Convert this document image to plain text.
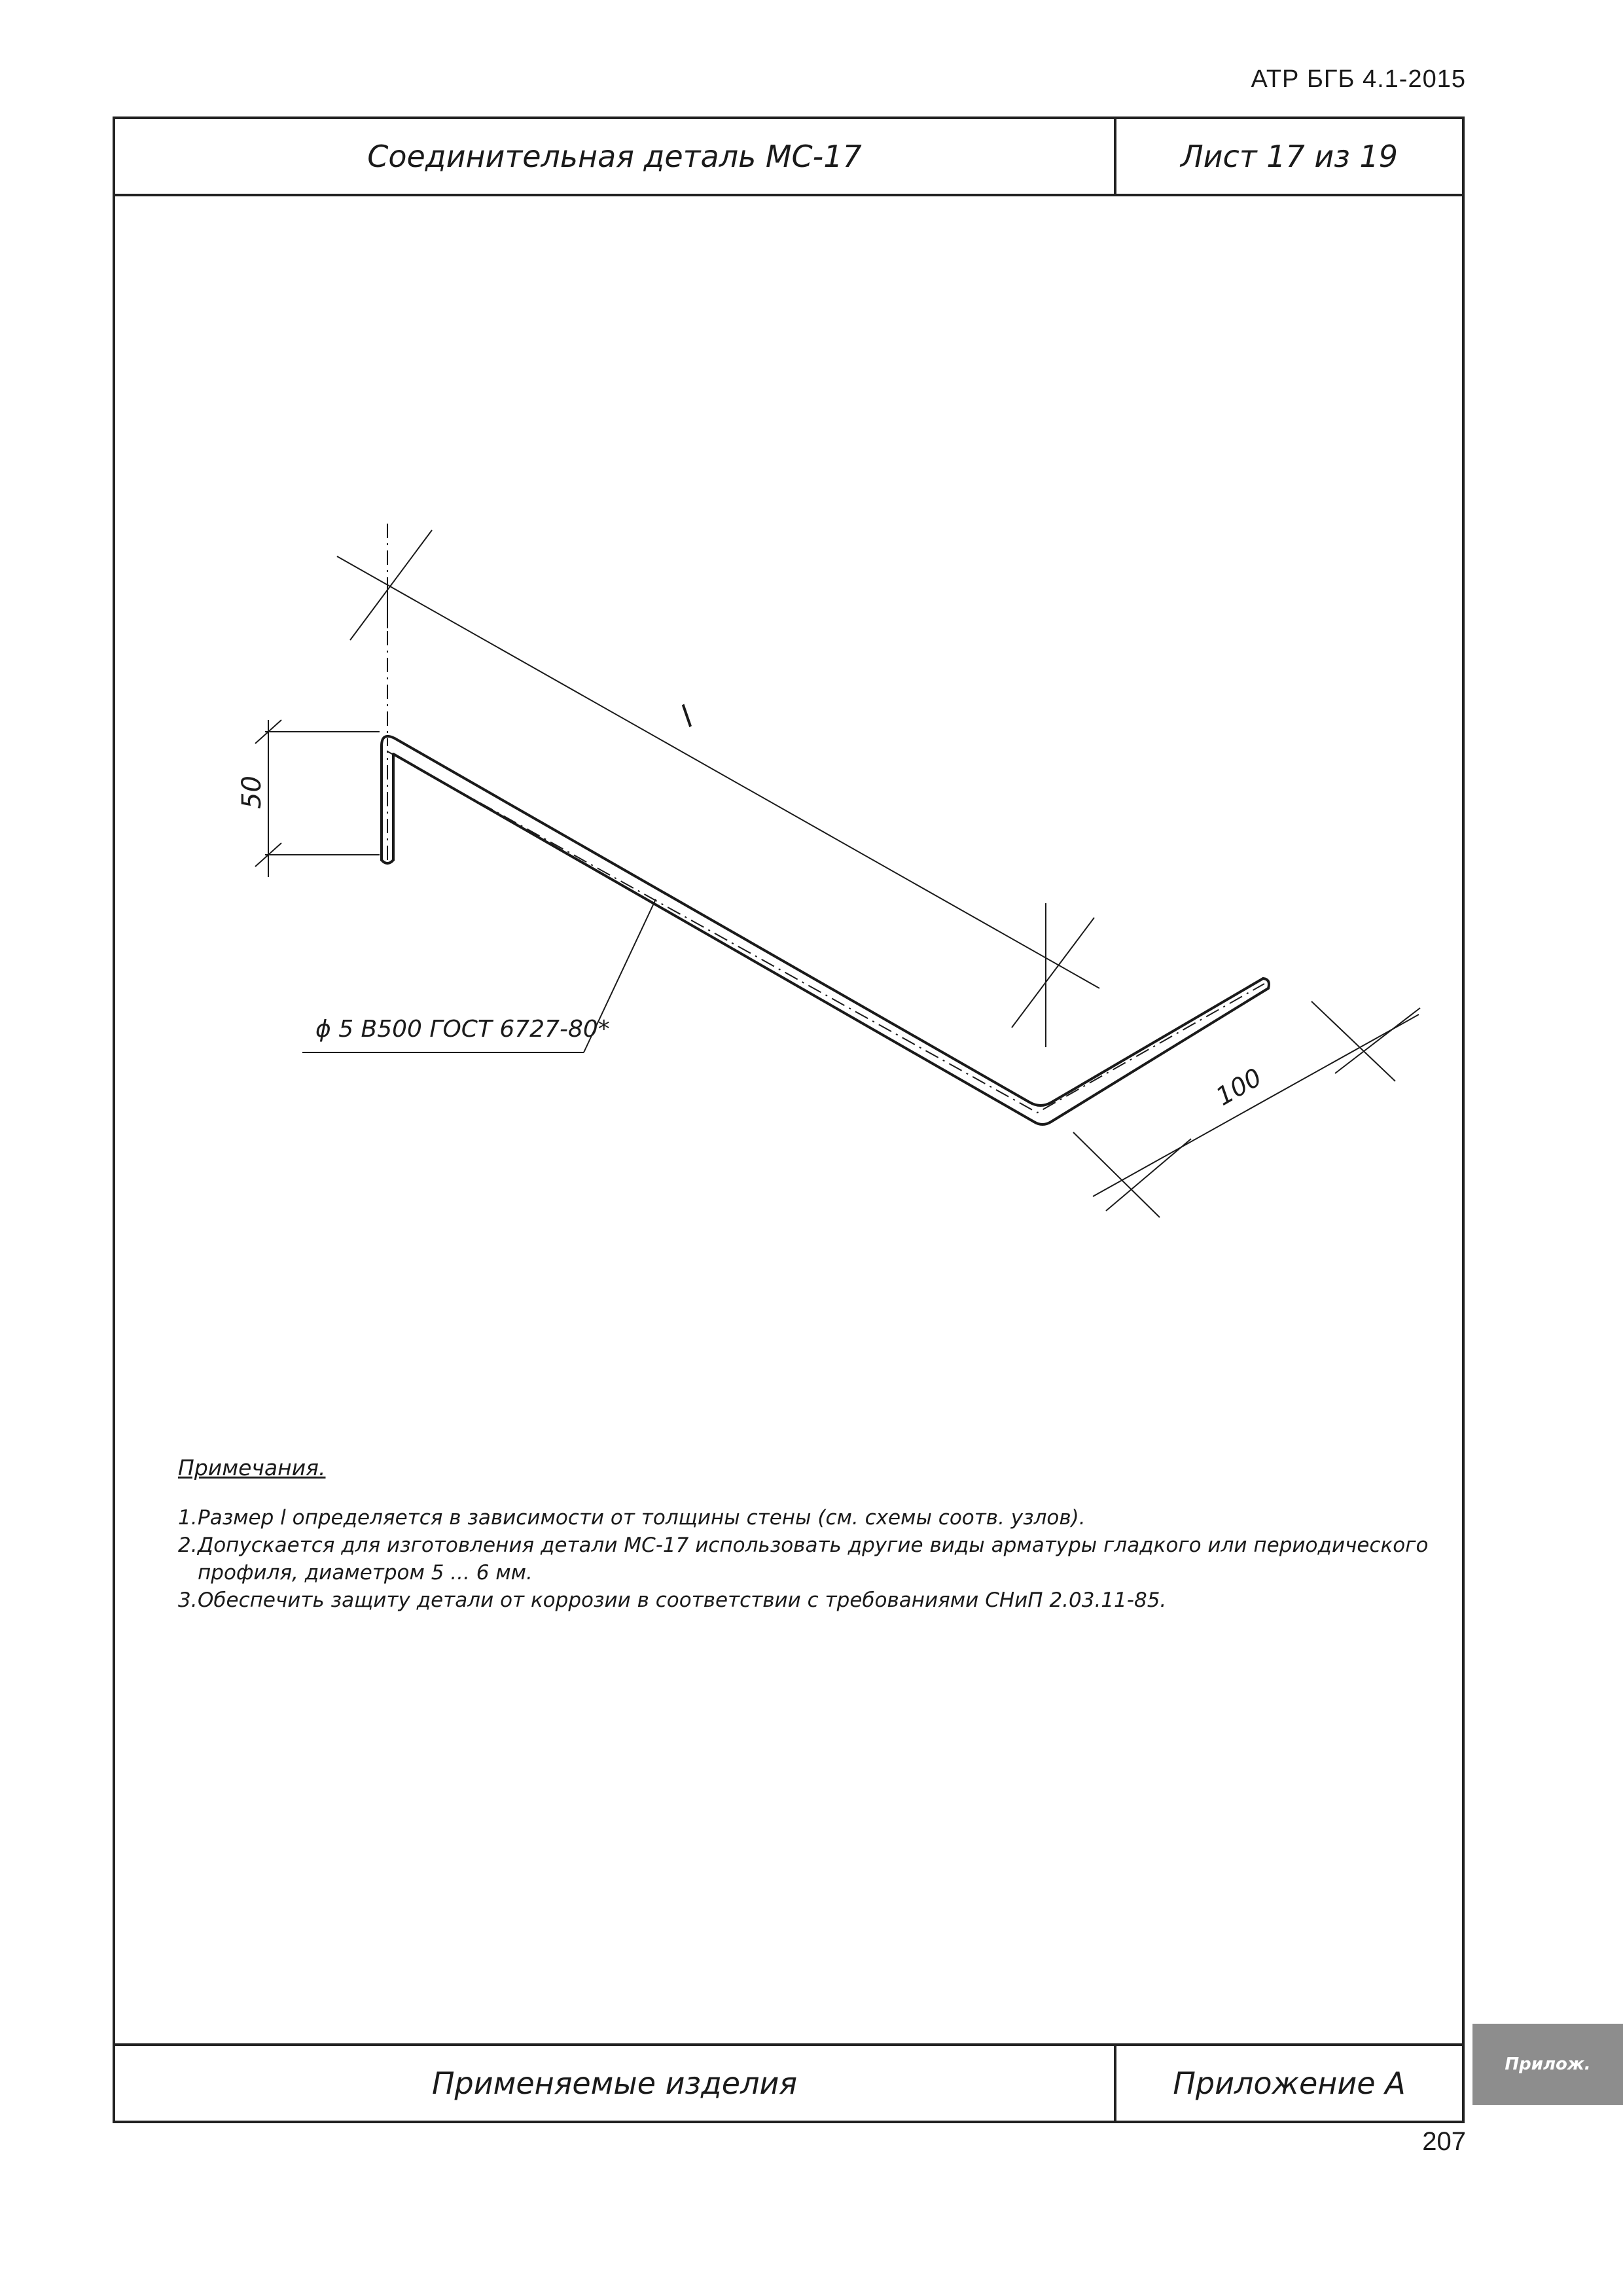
АТР БГБ 4.1-2015
Соединительная деталь МС-17	Лист 17 из 19
Применяемые изделия	Приложение А
l
50
100
ϕ 5 B500 ГОСТ 6727-80*
Примечания.
1. Размер l определяется в зависимости от толщины стены (см. схемы соотв. узлов).
2. Допускается для изготовления детали МС-17 использовать другие виды арматуры гладкого или периодического профиля, диаметром 5 ... 6 мм.
3. Обеспечить защиту детали от коррозии в соответствии с требованиями СНиП 2.03.11-85.
Прилож.
207
